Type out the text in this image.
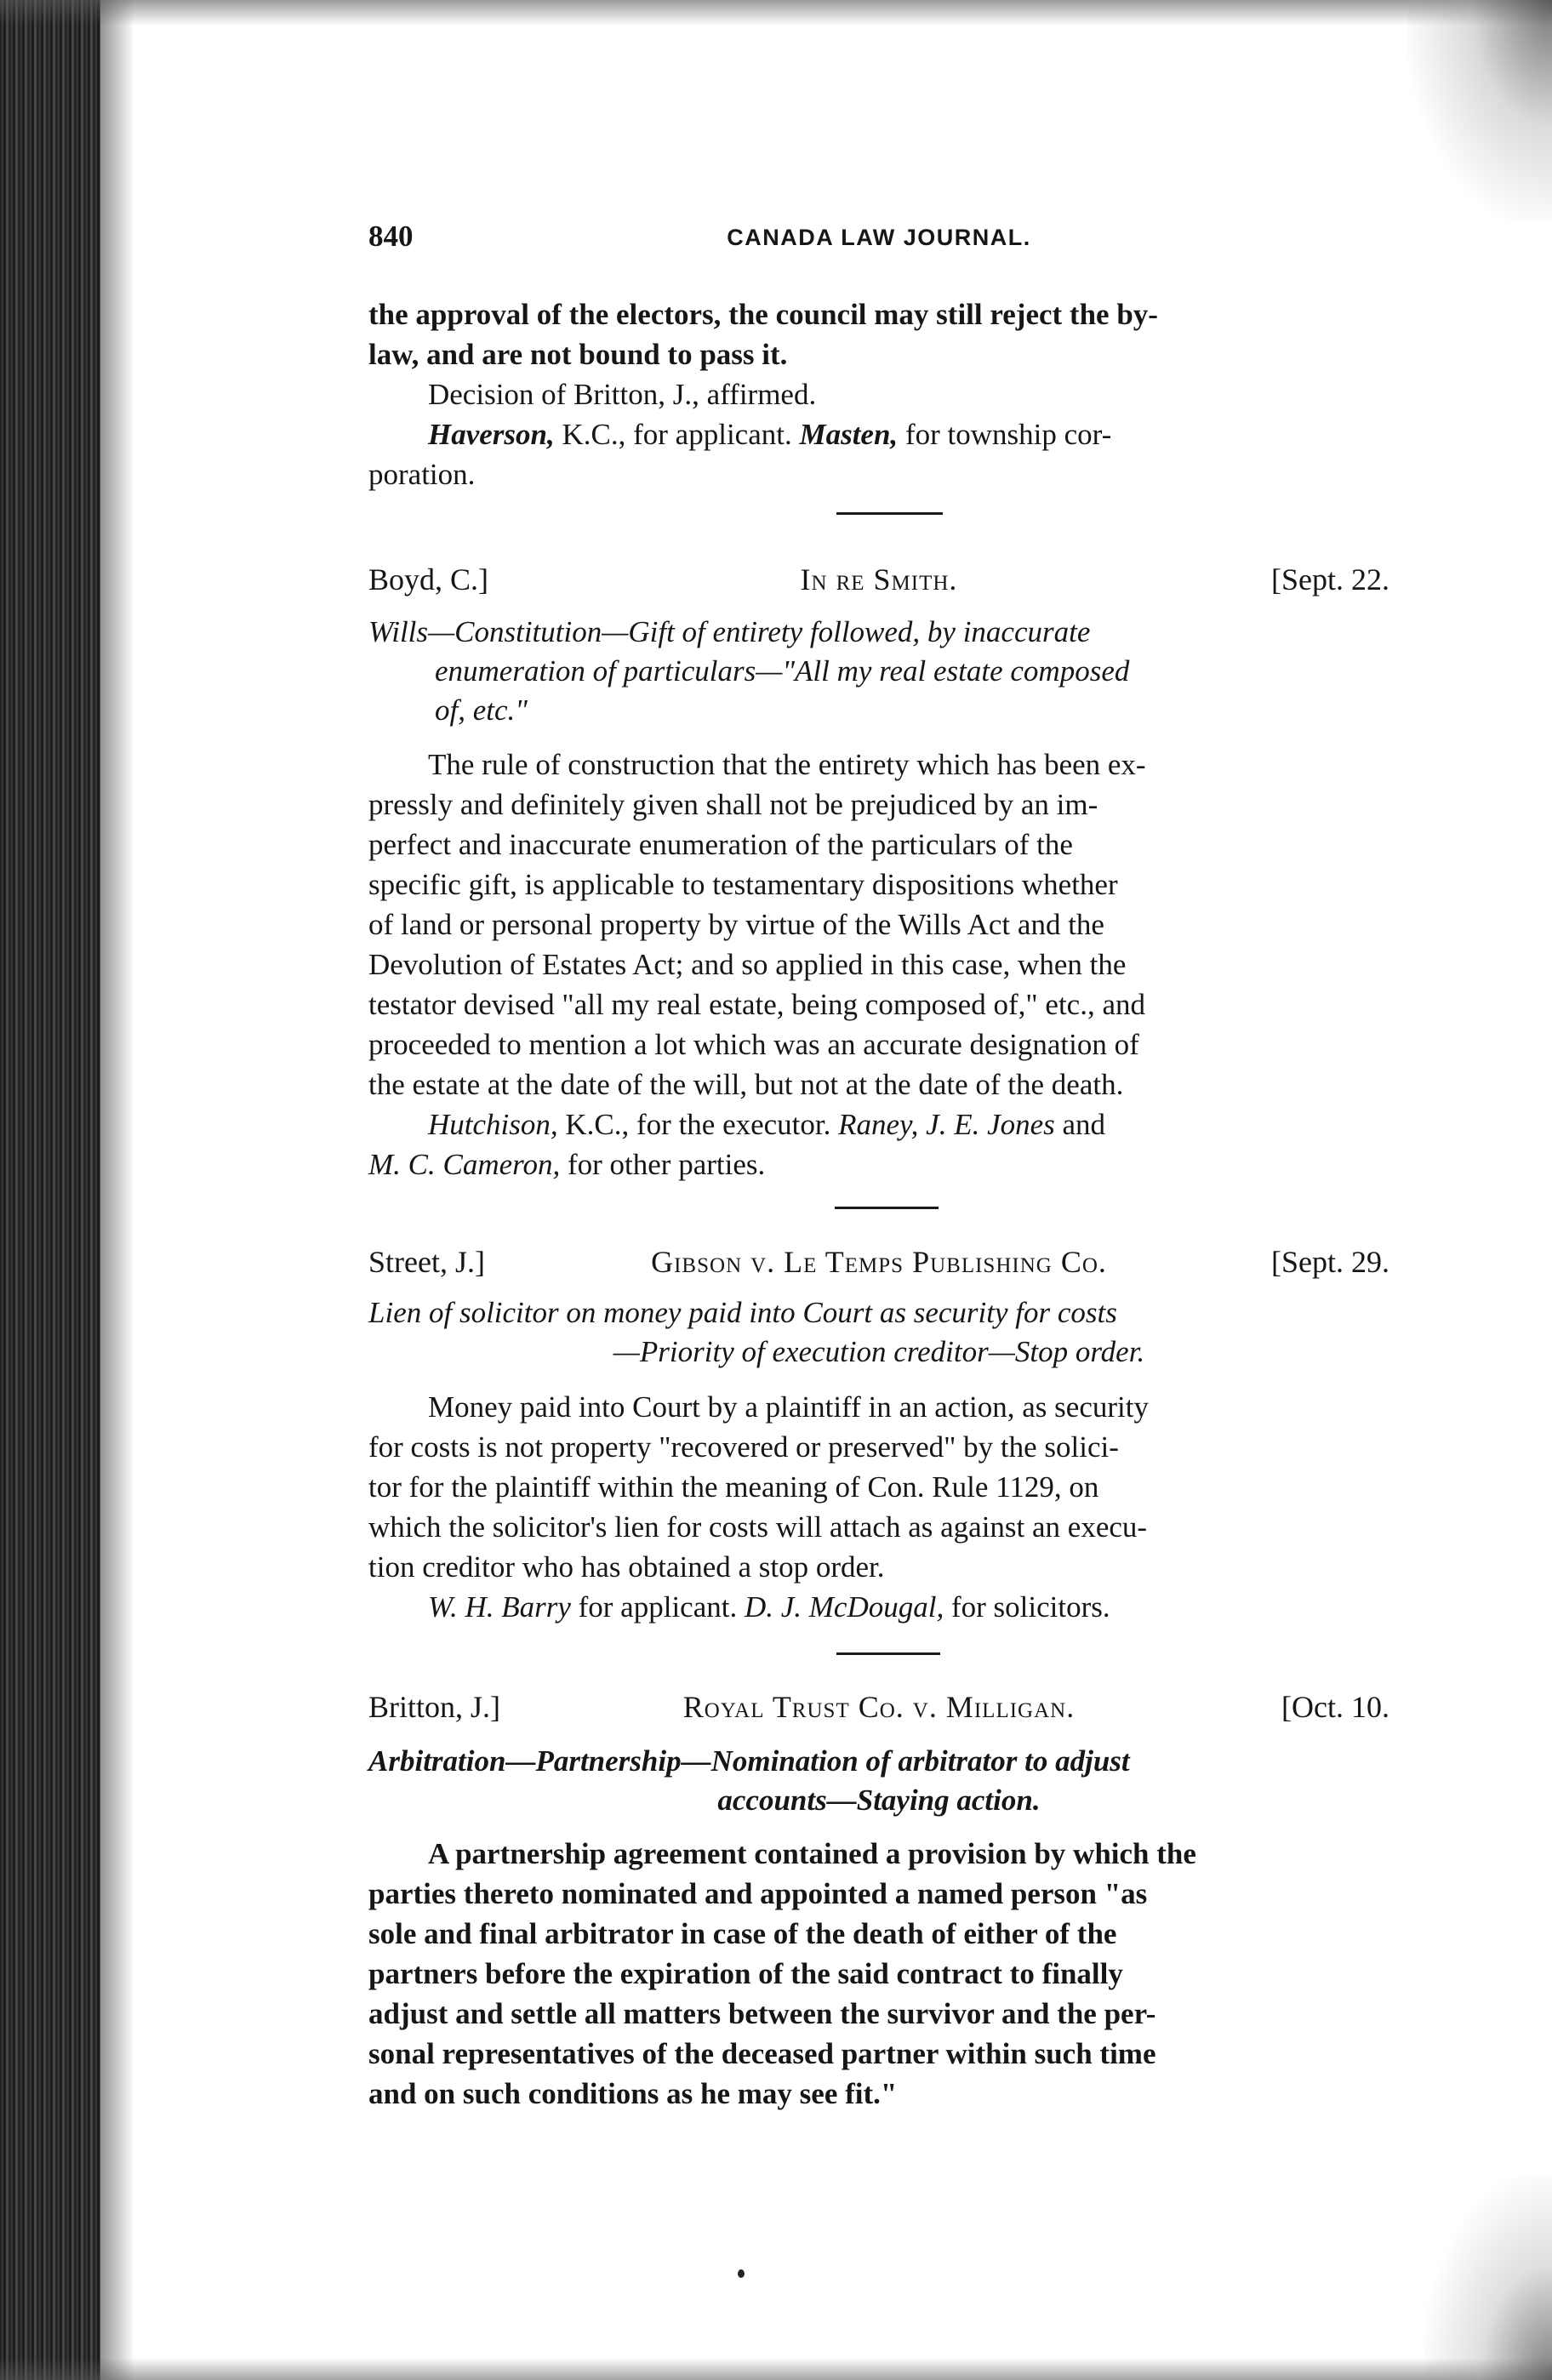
840	CANADA LAW JOURNAL.
the approval of the electors, the council may still reject the by-
law, and are not bound to pass it.
Decision of Britton, J., affirmed.
Haverson, K.C., for applicant. Masten, for township cor-
poration.
Boyd, C.]	In re Smith.	[Sept. 22.
Wills—Constitution—Gift of entirety followed, by inaccurate
enumeration of particulars—"All my real estate composed
of, etc."
The rule of construction that the entirety which has been ex-
pressly and definitely given shall not be prejudiced by an im-
perfect and inaccurate enumeration of the particulars of the
specific gift, is applicable to testamentary dispositions whether
of land or personal property by virtue of the Wills Act and the
Devolution of Estates Act; and so applied in this case, when the
testator devised "all my real estate, being composed of," etc., and
proceeded to mention a lot which was an accurate designation of
the estate at the date of the will, but not at the date of the death.
Hutchison, K.C., for the executor. Raney, J. E. Jones and
M. C. Cameron, for other parties.
Street, J.]	Gibson v. Le Temps Publishing Co.	[Sept. 29.
Lien of solicitor on money paid into Court as security for costs
—Priority of execution creditor—Stop order.
Money paid into Court by a plaintiff in an action, as security
for costs is not property "recovered or preserved" by the solici-
tor for the plaintiff within the meaning of Con. Rule 1129, on
which the solicitor's lien for costs will attach as against an execu-
tion creditor who has obtained a stop order.
W. H. Barry for applicant. D. J. McDougal, for solicitors.
Britton, J.]	Royal Trust Co. v. Milligan.	[Oct. 10.
Arbitration—Partnership—Nomination of arbitrator to adjust
accounts—Staying action.
A partnership agreement contained a provision by which the
parties thereto nominated and appointed a named person "as
sole and final arbitrator in case of the death of either of the
partners before the expiration of the said contract to finally
adjust and settle all matters between the survivor and the per-
sonal representatives of the deceased partner within such time
and on such conditions as he may see fit."
